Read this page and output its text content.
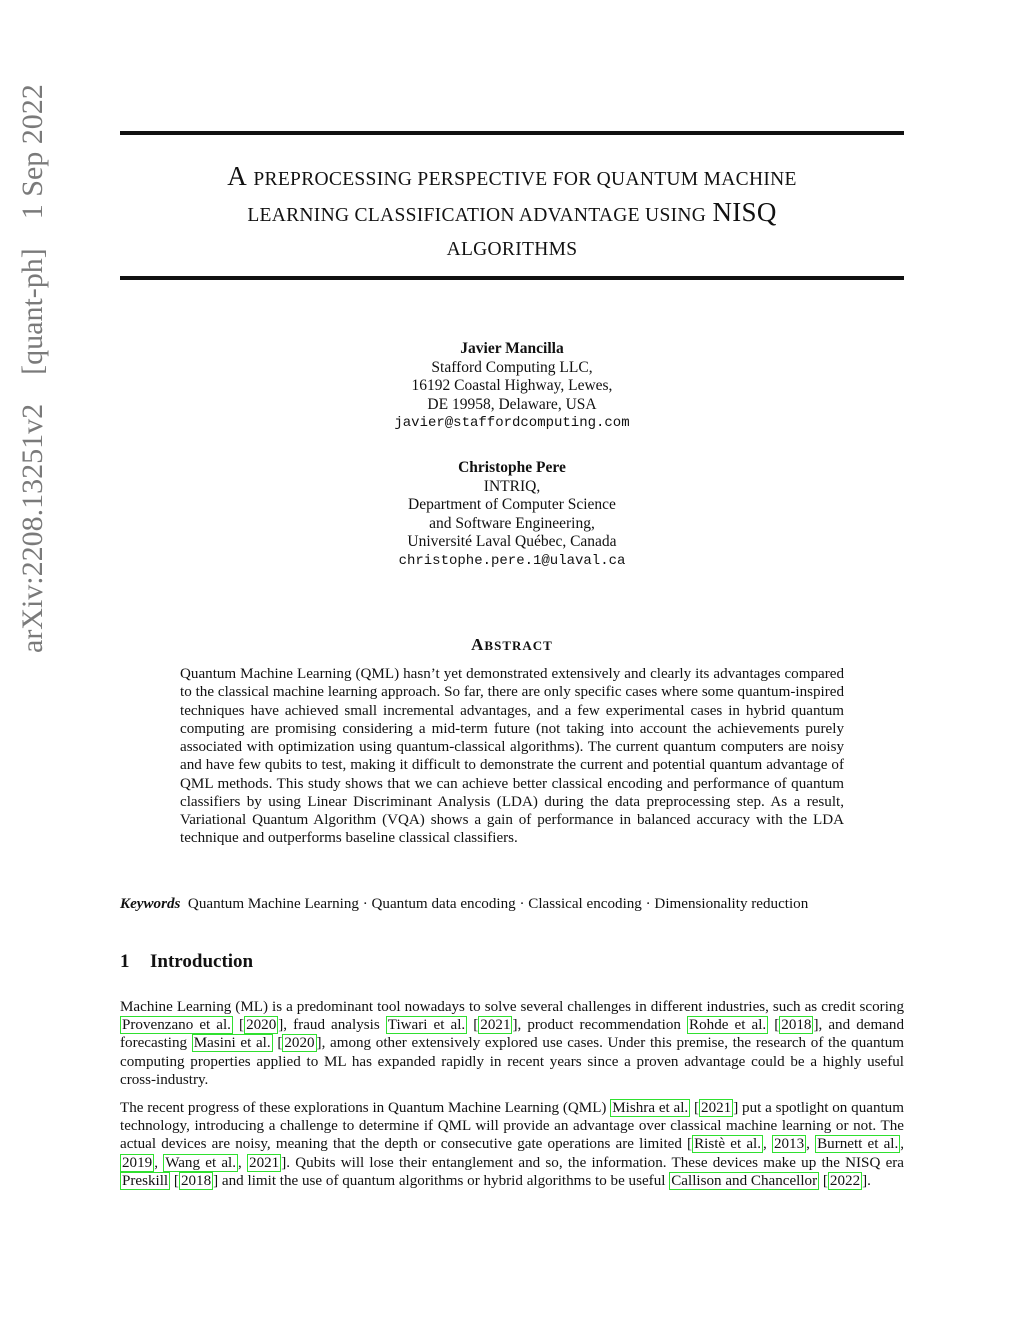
A PREPROCESSING PERSPECTIVE FOR QUANTUM MACHINE
LEARNING CLASSIFICATION ADVANTAGE USING NISQ
ALGORITHMS
arXiv:2208.13251v2  [quant-ph]  1 Sep 2022
Javier Mancilla
Stafford Computing LLC,
16192 Coastal Highway, Lewes,
DE 19958, Delaware, USA
javier@staffordcomputing.com
Christophe Pere
INTRIQ,
Department of Computer Science
and Software Engineering,
Université Laval Québec, Canada
christophe.pere.1@ulaval.ca
ABSTRACT
Quantum Machine Learning (QML) hasn’t yet demonstrated extensively and clearly its advantages compared to the classical machine learning approach. So far, there are only specific cases where some quantum-inspired techniques have achieved small incremental advantages, and a few experimental cases in hybrid quantum computing are promising considering a mid-term future (not taking into account the achievements purely associated with optimization using quantum-classical algorithms). The current quantum computers are noisy and have few qubits to test, making it difficult to demonstrate the current and potential quantum advantage of QML methods. This study shows that we can achieve better classical encoding and performance of quantum classifiers by using Linear Discriminant Analysis (LDA) during the data preprocessing step. As a result, Variational Quantum Algorithm (VQA) shows a gain of performance in balanced accuracy with the LDA technique and outperforms baseline classical classifiers.
Keywords Quantum Machine Learning · Quantum data encoding · Classical encoding · Dimensionality reduction
1 Introduction
Machine Learning (ML) is a predominant tool nowadays to solve several challenges in different industries, such as credit scoring Provenzano et al. [ 2020 ], fraud analysis Tiwari et al. [ 2021 ], product recommendation Rohde et al. [ 2018 ], and demand forecasting Masini et al. [ 2020 ], among other extensively explored use cases. Under this premise, the research of the quantum computing properties applied to ML has expanded rapidly in recent years since a proven advantage could be a highly useful cross-industry.
The recent progress of these explorations in Quantum Machine Learning (QML) Mishra et al. [ 2021 ] put a spotlight on quantum technology, introducing a challenge to determine if QML will provide an advantage over classical machine learning or not. The actual devices are noisy, meaning that the depth or consecutive gate operations are limited [ Ristè et al. , 2013 , Burnett et al. , 2019 , Wang et al. , 2021 ]. Qubits will lose their entanglement and so, the information. These devices make up the NISQ era Preskill [ 2018 ] and limit the use of quantum algorithms or hybrid algorithms to be useful Callison and Chancellor [ 2022 ].
